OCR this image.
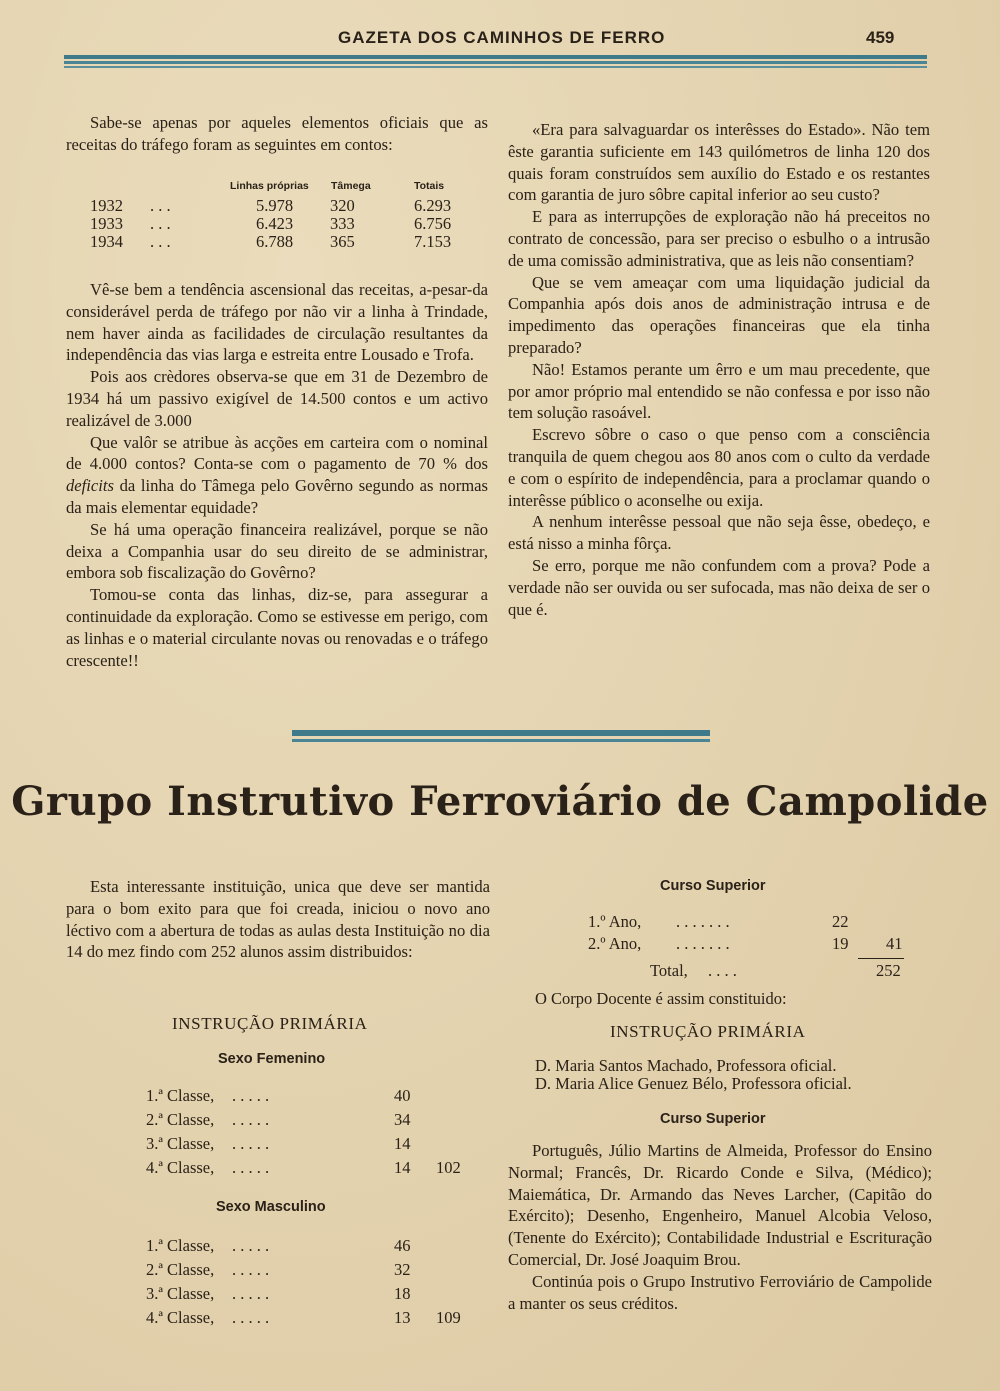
GAZETA DOS CAMINHOS DE FERRO	459

Sabe-se apenas por aqueles elementos oficiais que as receitas do tráfego foram as seguintes em contos:

Linhas próprias Tâmega	Totais
1932 . . .	5.978 320	6.293
1933 . . .	6.423 333	6.756
1934 . . .	6.788 365	7.153

Vê-se bem a tendência ascensional das receitas, a-pesar-da considerável perda de tráfego por não vir a linha à Trindade, nem haver ainda as facilidades de circulação resultantes da independência das vias larga e estreita entre Lousado e Trofa.

Pois aos crèdores observa-se que em 31 de Dezembro de 1934 há um passivo exigível de 14.500 contos e um activo realizável de 3.000

Que valôr se atribue às acções em carteira com o nominal de 4.000 contos? Conta-se com o pagamento de 70 % dos deficits da linha do Tâmega pelo Govêrno segundo as normas da mais elementar equidade?

Se há uma operação financeira realizável, porque se não deixa a Companhia usar do seu direito de se administrar, embora sob fiscalização do Govêrno?

Tomou-se conta das linhas, diz-se, para assegurar a continuidade da exploração. Como se estivesse em perigo, com as linhas e o material circulante novas ou renovadas e o tráfego crescente!!

«Era para salvaguardar os interêsses do Estado». Não tem êste garantia suficiente em 143 quilómetros de linha 120 dos quais foram construídos sem auxílio do Estado e os restantes com garantia de juro sôbre capital inferior ao seu custo?

E para as interrupções de exploração não há preceitos no contrato de concessão, para ser preciso o esbulho o a intrusão de uma comissão administrativa, que as leis não consentiam?

Que se vem ameaçar com uma liquidação judicial da Companhia após dois anos de administração intrusa e de impedimento das operações financeiras que ela tinha preparado?

Não! Estamos perante um êrro e um mau precedente, que por amor próprio mal entendido se não confessa e por isso não tem solução rasoável.

Escrevo sôbre o caso o que penso com a consciência tranquila de quem chegou aos 80 anos com o culto da verdade e com o espírito de independência, para a proclamar quando o interêsse público o aconselhe ou exija.

A nenhum interêsse pessoal que não seja êsse, obedeço, e está nisso a minha fôrça.

Se erro, porque me não confundem com a prova? Pode a verdade não ser ouvida ou ser sufocada, mas não deixa de ser o que é.

Grupo Instrutivo Ferroviário de Campolide

Esta interessante instituição, unica que deve ser mantida para o bom exito para que foi creada, iniciou o novo ano léctivo com a abertura de todas as aulas desta Instituição no dia 14 do mez findo com 252 alunos assim distribuidos:

INSTRUÇÃO PRIMÁRIA
Sexo Femenino
1.ª Classe, . . . . .	40
2.ª Classe, . . . . .	34
3.ª Classe, . . . . .	14
4.ª Classe, . . . . .	14 102
Sexo Masculino
1.ª Classe, . . . . .	46
2.ª Classe, . . . . .	32
3.ª Classe, . . . . .	18
4.ª Classe, . . . . .	13 109
Curso Superior
1.º Ano, . . . . . . .	22
2.º Ano, . . . . . . .	19 41
Total, . . . .	252
O Corpo Docente é assim constituido:
INSTRUÇÃO PRIMÁRIA
D. Maria Santos Machado, Professora oficial.
D. Maria Alice Genuez Bélo, Professora oficial.
Curso Superior

Português, Júlio Martins de Almeida, Professor do Ensino Normal; Francês, Dr. Ricardo Conde e Silva, (Médico); Maiemática, Dr. Armando das Neves Larcher, (Capitão do Exército); Desenho, Engenheiro, Manuel Alcobia Veloso, (Tenente do Exército); Contabilidade Industrial e Escrituração Comercial, Dr. José Joaquim Brou.

Continúa pois o Grupo Instrutivo Ferroviário de Campolide a manter os seus créditos.
